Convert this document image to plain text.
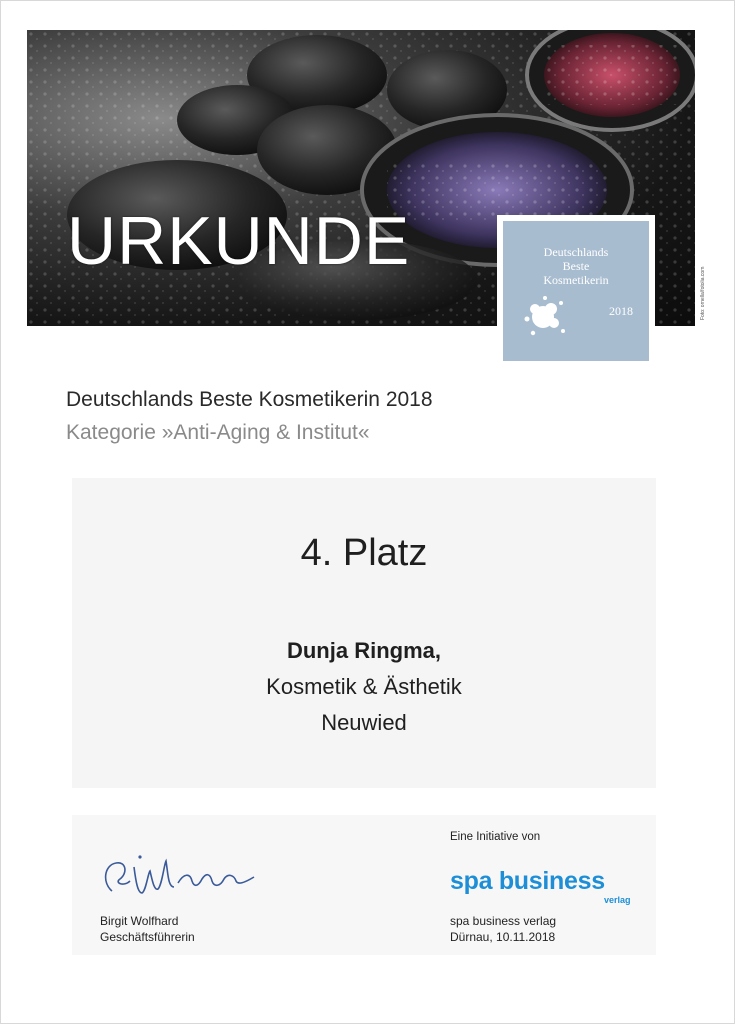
URKUNDE	Deutschlands
Beste
Kosmetikerin
2018	Foto: ornella/fotolia.com
Deutschlands Beste Kosmetikerin 2018
Kategorie »Anti-Aging & Institut«
4. Platz
Dunja Ringma,
Kosmetik & Ästhetik
Neuwied
Birgit Wolfhard
Geschäftsführerin
Eine Initiative von
spa business
verlag
spa business verlag
Dürnau, 10.11.2018
